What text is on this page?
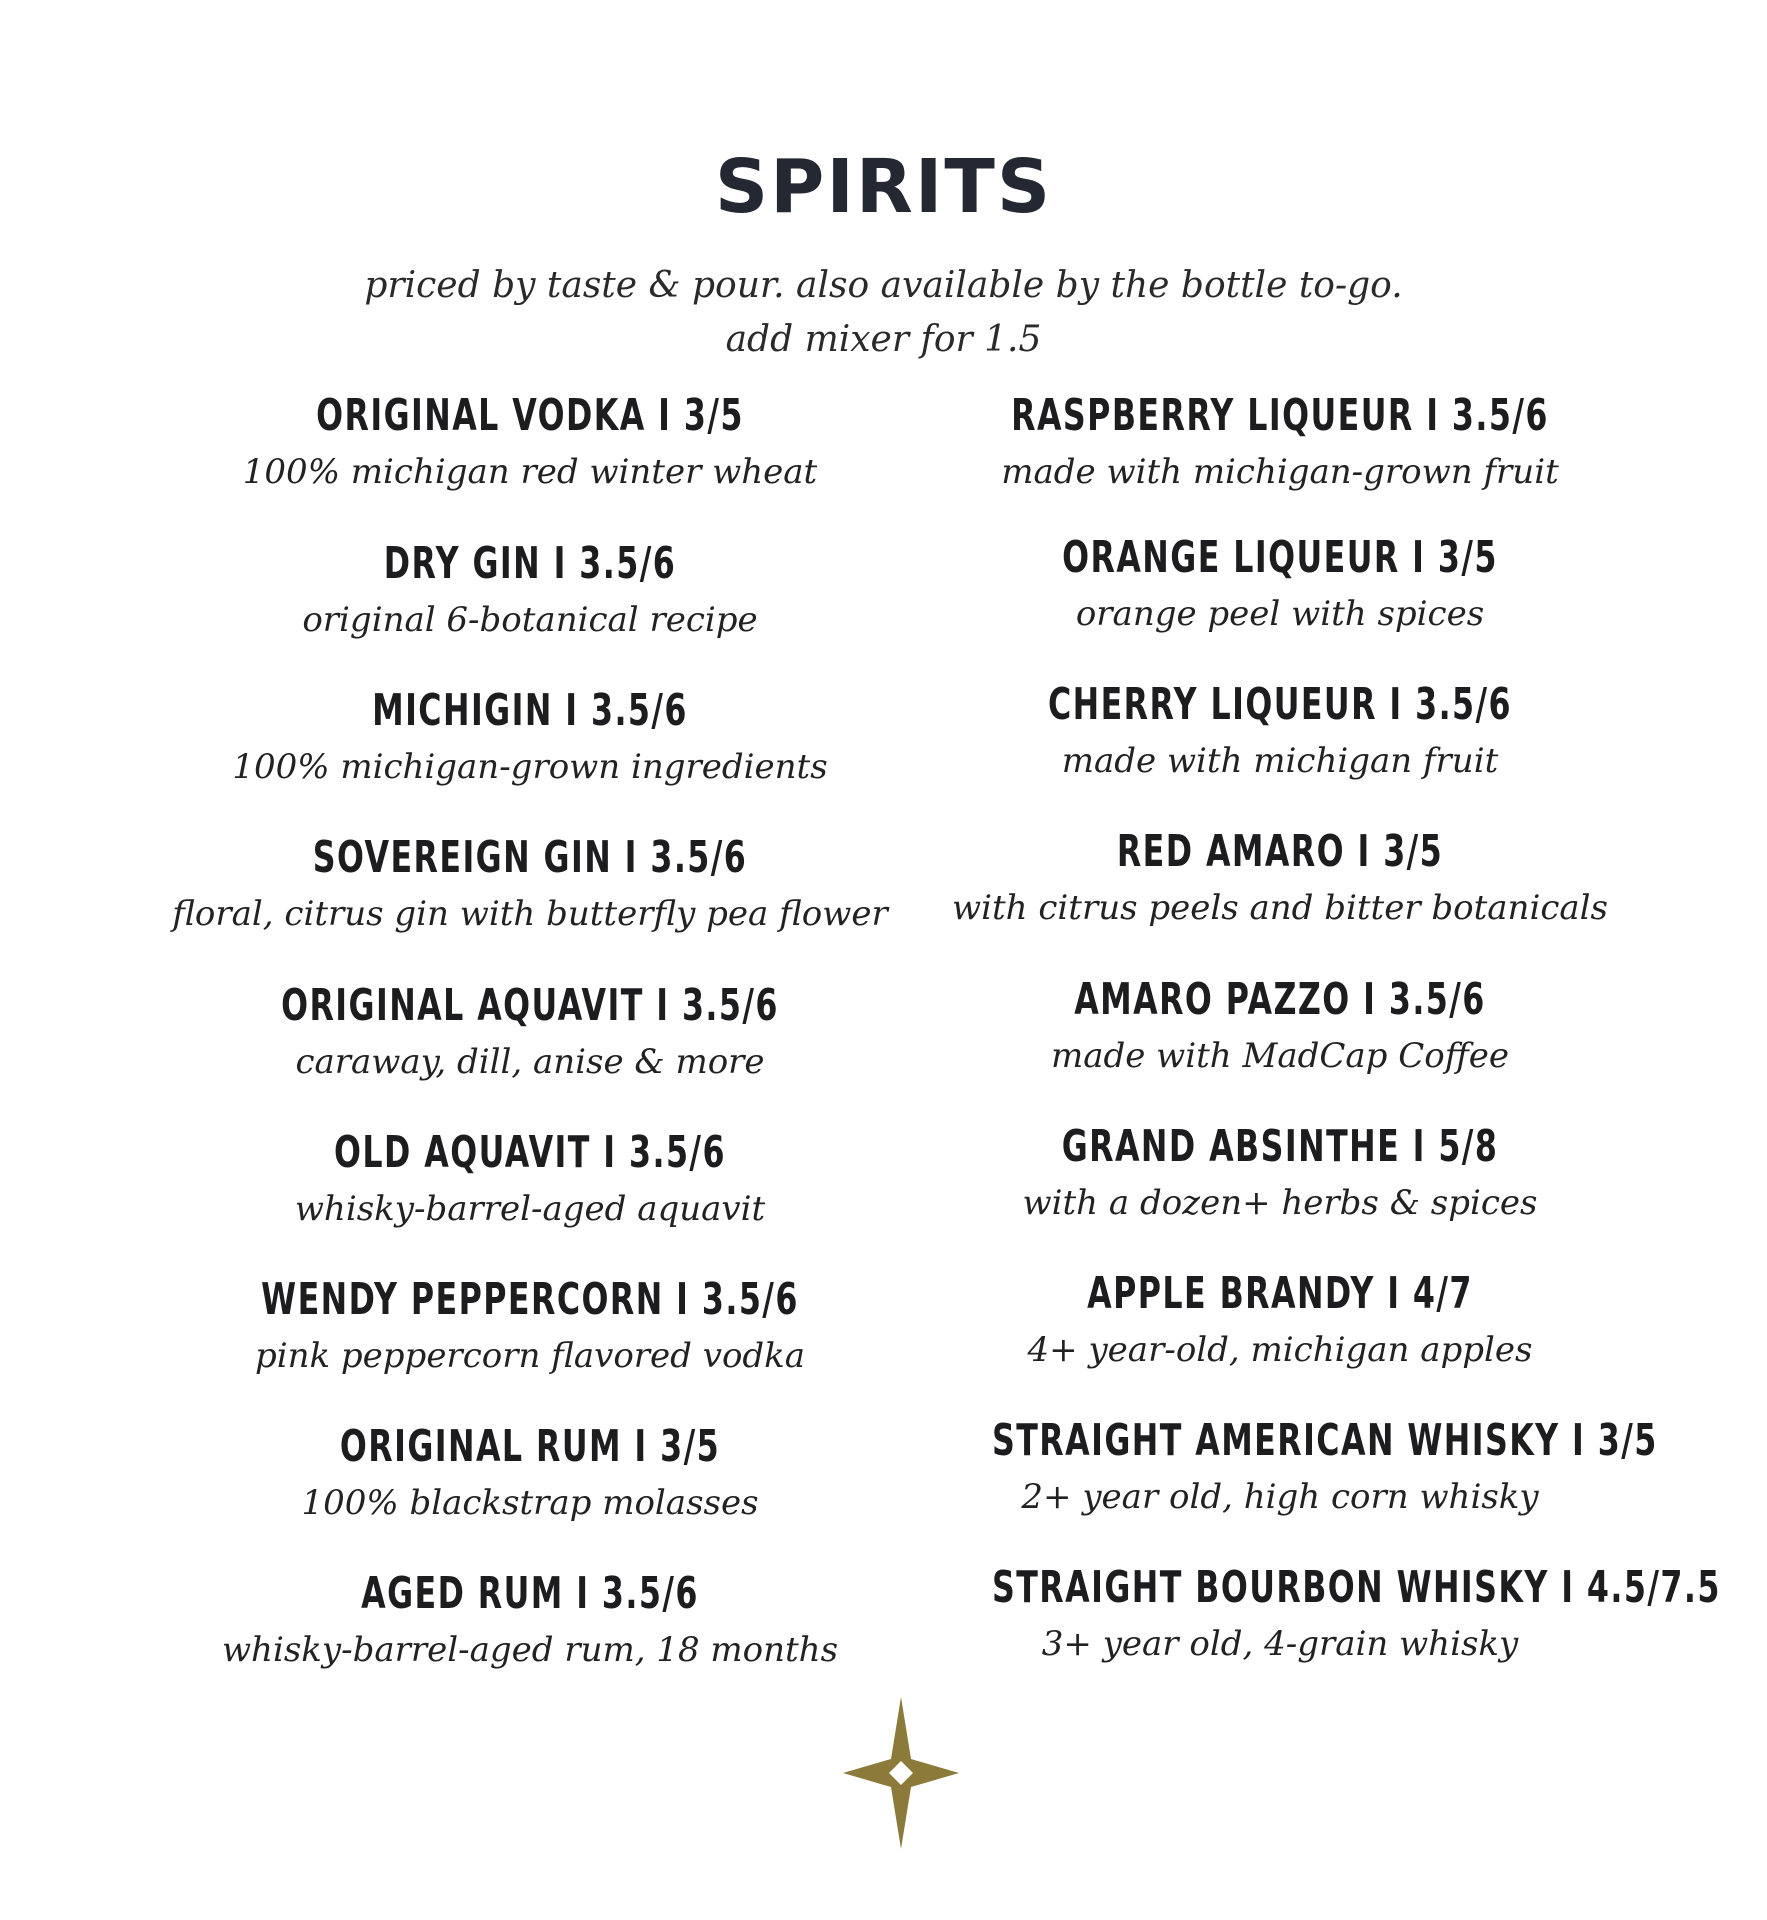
SPIRITS
priced by taste & pour. also available by the bottle to-go.
add mixer for 1.5
ORIGINAL VODKA I 3/5
100% michigan red winter wheat
DRY GIN I 3.5/6
original 6-botanical recipe
MICHIGIN I 3.5/6
100% michigan-grown ingredients
SOVEREIGN GIN I 3.5/6
floral, citrus gin with butterfly pea flower
ORIGINAL AQUAVIT I 3.5/6
caraway, dill, anise & more
OLD AQUAVIT I 3.5/6
whisky-barrel-aged aquavit
WENDY PEPPERCORN I 3.5/6
pink peppercorn flavored vodka
ORIGINAL RUM I 3/5
100% blackstrap molasses
AGED RUM I 3.5/6
whisky-barrel-aged rum, 18 months
RASPBERRY LIQUEUR I 3.5/6
made with michigan-grown fruit
ORANGE LIQUEUR I 3/5
orange peel with spices
CHERRY LIQUEUR I 3.5/6
made with michigan fruit
RED AMARO I 3/5
with citrus peels and bitter botanicals
AMARO PAZZO I 3.5/6
made with MadCap Coffee
GRAND ABSINTHE I 5/8
with a dozen+ herbs & spices
APPLE BRANDY I 4/7
4+ year-old, michigan apples
STRAIGHT AMERICAN WHISKY I 3/5
2+ year old, high corn whisky
STRAIGHT BOURBON WHISKY I 4.5/7.5
3+ year old, 4-grain whisky
